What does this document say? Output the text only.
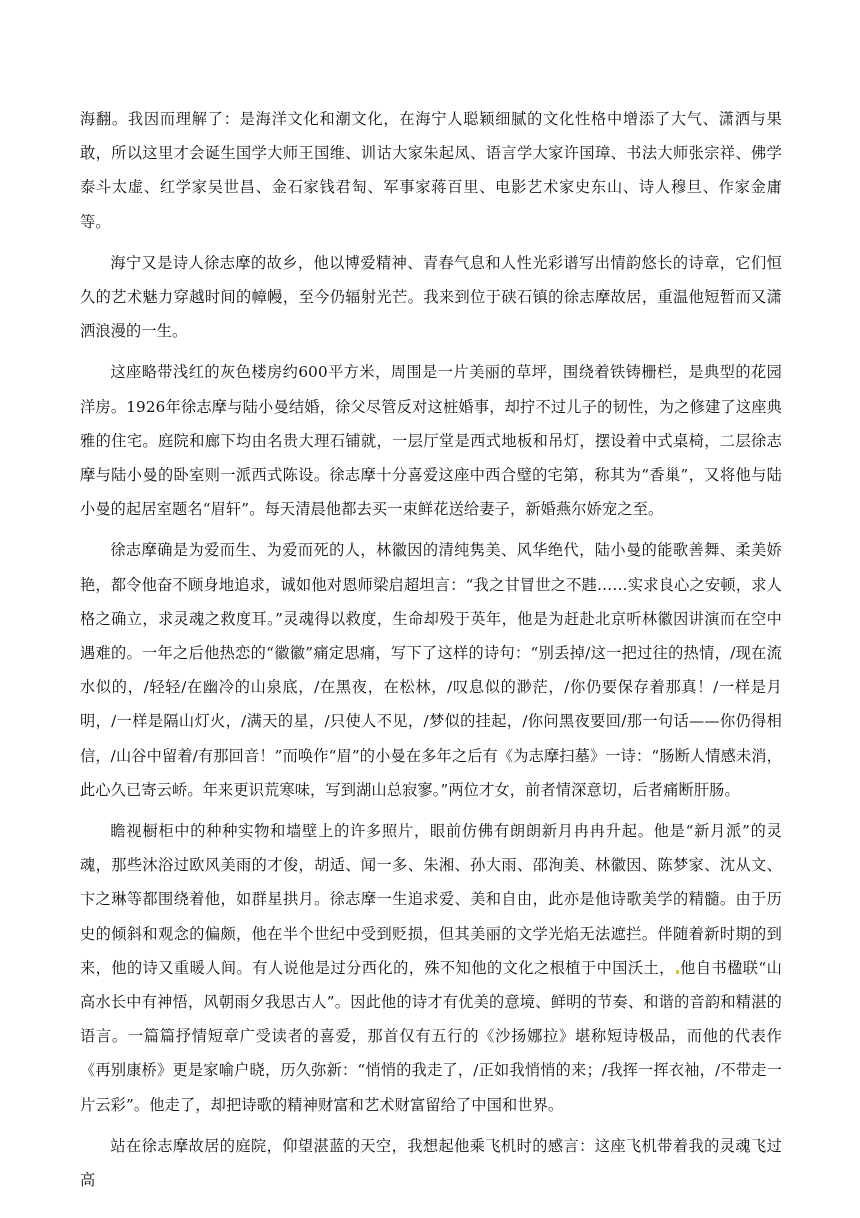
海翻。我因而理解了：是海洋文化和潮文化，在海宁人聪颖细腻的文化性格中增添了大气、潇洒与果敢，所以这里才会诞生国学大师王国维、训诂大家朱起凤、语言学大家许国璋、书法大师张宗祥、佛学泰斗太虚、红学家吴世昌、金石家钱君匋、军事家蒋百里、电影艺术家史东山、诗人穆旦、作家金庸等。

海宁又是诗人徐志摩的故乡，他以博爱精神、青春气息和人性光彩谱写出情韵悠长的诗章，它们恒久的艺术魅力穿越时间的幛幔，至今仍辐射光芒。我来到位于硖石镇的徐志摩故居，重温他短暂而又潇洒浪漫的一生。

这座略带浅红的灰色楼房约600平方米，周围是一片美丽的草坪，围绕着铁铸栅栏，是典型的花园洋房。1926年徐志摩与陆小曼结婚，徐父尽管反对这桩婚事，却拧不过儿子的韧性，为之修建了这座典雅的住宅。庭院和廊下均由名贵大理石铺就，一层厅堂是西式地板和吊灯，摆设着中式桌椅，二层徐志摩与陆小曼的卧室则一派西式陈设。徐志摩十分喜爱这座中西合璧的宅第，称其为“香巢”，又将他与陆小曼的起居室题名“眉轩”。每天清晨他都去买一束鲜花送给妻子，新婚燕尔娇宠之至。

徐志摩确是为爱而生、为爱而死的人，林徽因的清纯隽美、风华绝代，陆小曼的能歌善舞、柔美娇艳，都令他奋不顾身地追求，诚如他对恩师梁启超坦言：“我之甘冒世之不韪……实求良心之安顿，求人格之确立，求灵魂之救度耳。”灵魂得以救度，生命却殁于英年，他是为赶赴北京听林徽因讲演而在空中遇难的。一年之后他热恋的“徽徽”痛定思痛，写下了这样的诗句：“别丢掉/这一把过往的热情，/现在流水似的，/轻轻/在幽冷的山泉底，/在黑夜，在松林，/叹息似的渺茫，/你仍要保存着那真！/一样是月明，/一样是隔山灯火，/满天的星，/只使人不见，/梦似的挂起，/你问黑夜要回/那一句话——你仍得相信，/山谷中留着/有那回音！”而唤作“眉”的小曼在多年之后有《为志摩扫墓》一诗：“肠断人情感未消，此心久已寄云峤。年来更识荒寒味，写到湖山总寂寥。”两位才女，前者情深意切，后者痛断肝肠。

瞻视橱柜中的种种实物和墙壁上的许多照片，眼前仿佛有朗朗新月冉冉升起。他是“新月派”的灵魂，那些沐浴过欧风美雨的才俊，胡适、闻一多、朱湘、孙大雨、邵洵美、林徽因、陈梦家、沈从文、卞之琳等都围绕着他，如群星拱月。徐志摩一生追求爱、美和自由，此亦是他诗歌美学的精髓。由于历史的倾斜和观念的偏颇，他在半个世纪中受到贬损，但其美丽的文学光焰无法遮拦。伴随着新时期的到来，他的诗又重暖人间。有人说他是过分西化的，殊不知他的文化之根植于中国沃土， 他自书楹联“山高水长中有神悟，风朝雨夕我思古人”。因此他的诗才有优美的意境、鲜明的节奏、和谐的音韵和精湛的语言。一篇篇抒情短章广受读者的喜爱，那首仅有五行的《沙扬娜拉》堪称短诗极品，而他的代表作《再别康桥》更是家喻户晓，历久弥新：“悄悄的我走了，/正如我悄悄的来；/我挥一挥衣袖，/不带走一片云彩”。他走了，却把诗歌的精神财富和艺术财富留给了中国和世界。

站在徐志摩故居的庭院，仰望湛蓝的天空，我想起他乘飞机时的感言：这座飞机带着我的灵魂飞过高
